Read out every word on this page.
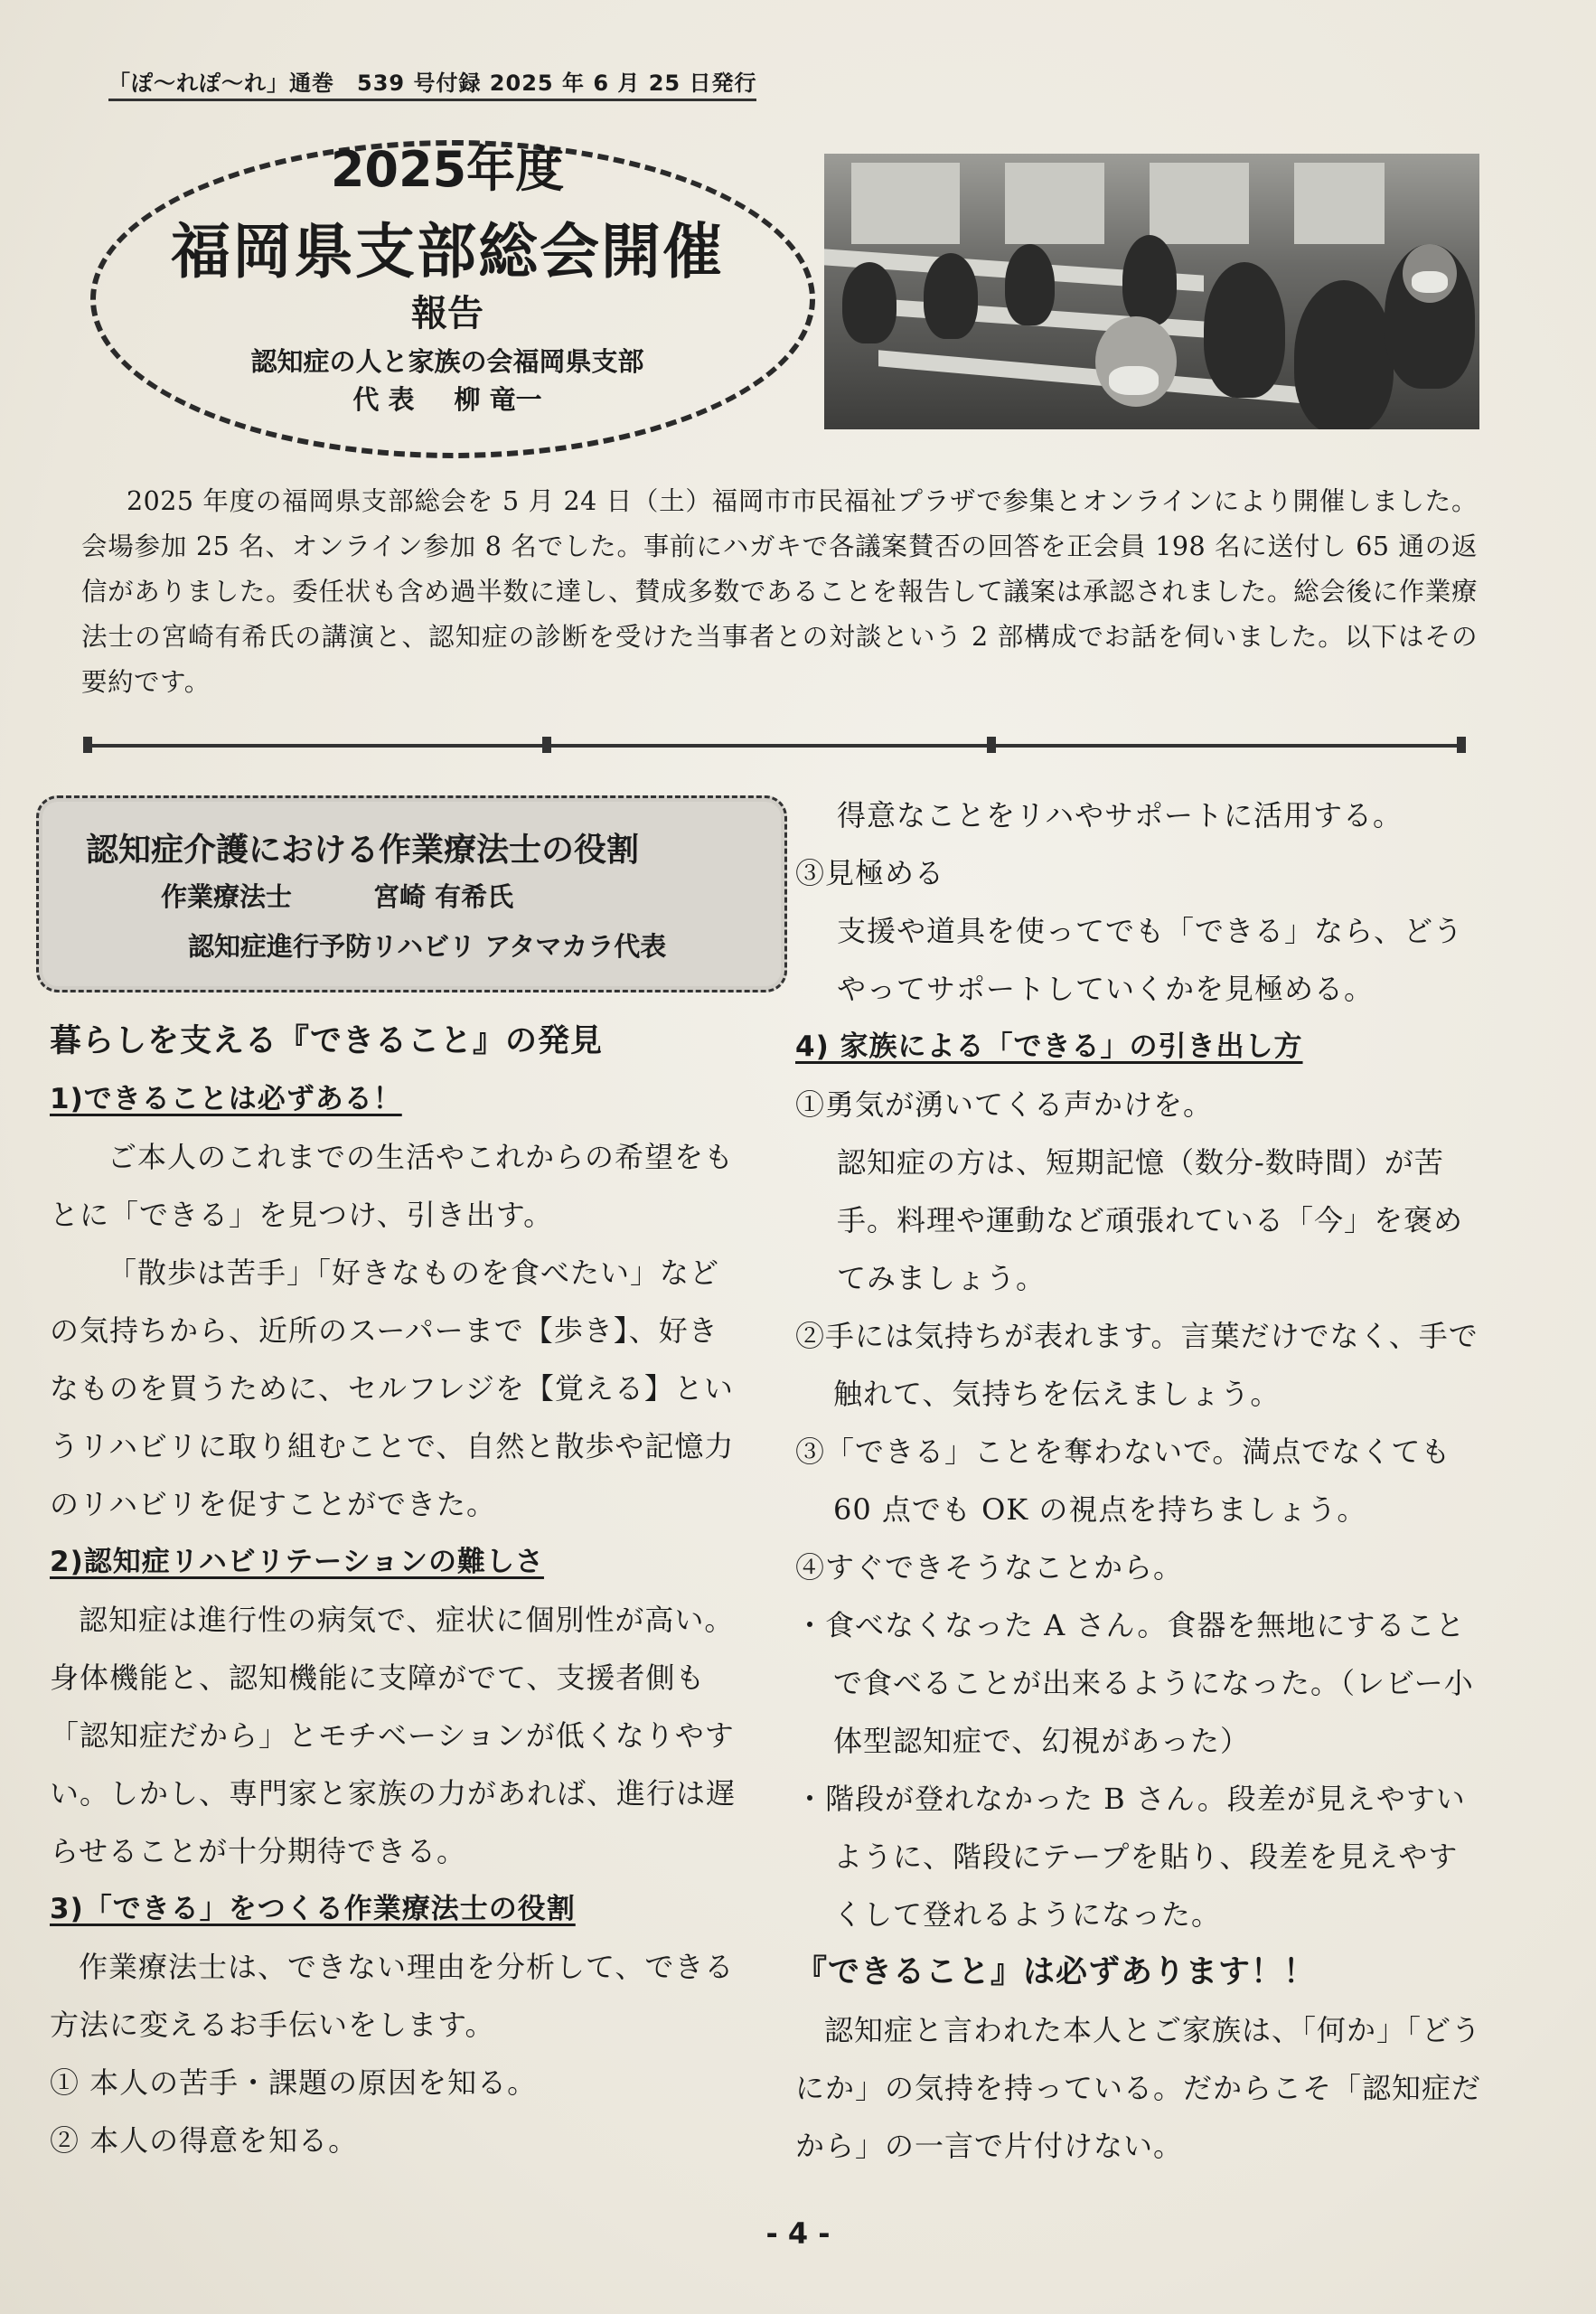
「ぽ～れぽ～れ」通巻　539 号付録 2025 年 6 月 25 日発行
2025年度
福岡県支部総会開催
報告
認知症の人と家族の会福岡県支部
代 表 柳 竜一
2025 年度の福岡県支部総会を 5 月 24 日（土）福岡市市民福祉プラザで参集とオンラインにより開催しました。会場参加 25 名、オンライン参加 8 名でした。事前にハガキで各議案賛否の回答を正会員 198 名に送付し 65 通の返信がありました。委任状も含め過半数に達し、賛成多数であることを報告して議案は承認されました。総会後に作業療法士の宮崎有希氏の講演と、認知症の診断を受けた当事者との対談という 2 部構成でお話を伺いました。以下はその要約です。
認知症介護における作業療法士の役割
作業療法士	宮崎 有希氏
認知症進行予防リハビリ アタマカラ代表

暮らしを支える『できること』の発見

1)できることは必ずある！

ご本人のこれまでの生活やこれからの希望をもとに「できる」を見つけ、引き出す。

「散歩は苦手」「好きなものを食べたい」などの気持ちから、近所のスーパーまで【歩き】、好きなものを買うために、セルフレジを【覚える】というリハビリに取り組むことで、自然と散歩や記憶力のリハビリを促すことができた。

2)認知症リハビリテーションの難しさ

認知症は進行性の病気で、症状に個別性が高い。身体機能と、認知機能に支障がでて、支援者側も「認知症だから」とモチベーションが低くなりやすい。しかし、専門家と家族の力があれば、進行は遅らせることが十分期待できる。

3)「できる」をつくる作業療法士の役割

作業療法士は、できない理由を分析して、できる方法に変えるお手伝いをします。

① 本人の苦手・課題の原因を知る。

② 本人の得意を知る。

得意なことをリハやサポートに活用する。

③見極める

支援や道具を使ってでも「できる」なら、どうやってサポートしていくかを見極める。

4) 家族による「できる」の引き出し方

①勇気が湧いてくる声かけを。

認知症の方は、短期記憶（数分-数時間）が苦手。料理や運動など頑張れている「今」を褒めてみましょう。

②手には気持ちが表れます。言葉だけでなく、手で触れて、気持ちを伝えましょう。

③「できる」ことを奪わないで。満点でなくても 60 点でも OK の視点を持ちましょう。

④すぐできそうなことから。

・食べなくなった A さん。食器を無地にすることで食べることが出来るようになった。（レビー小体型認知症で、幻視があった）

・階段が登れなかった B さん。段差が見えやすいように、階段にテープを貼り、段差を見えやすくして登れるようになった。

『できること』は必ずあります！！

認知症と言われた本人とご家族は、「何か」「どうにか」の気持を持っている。だからこそ「認知症だから」の一言で片付けない。

- 4 -
